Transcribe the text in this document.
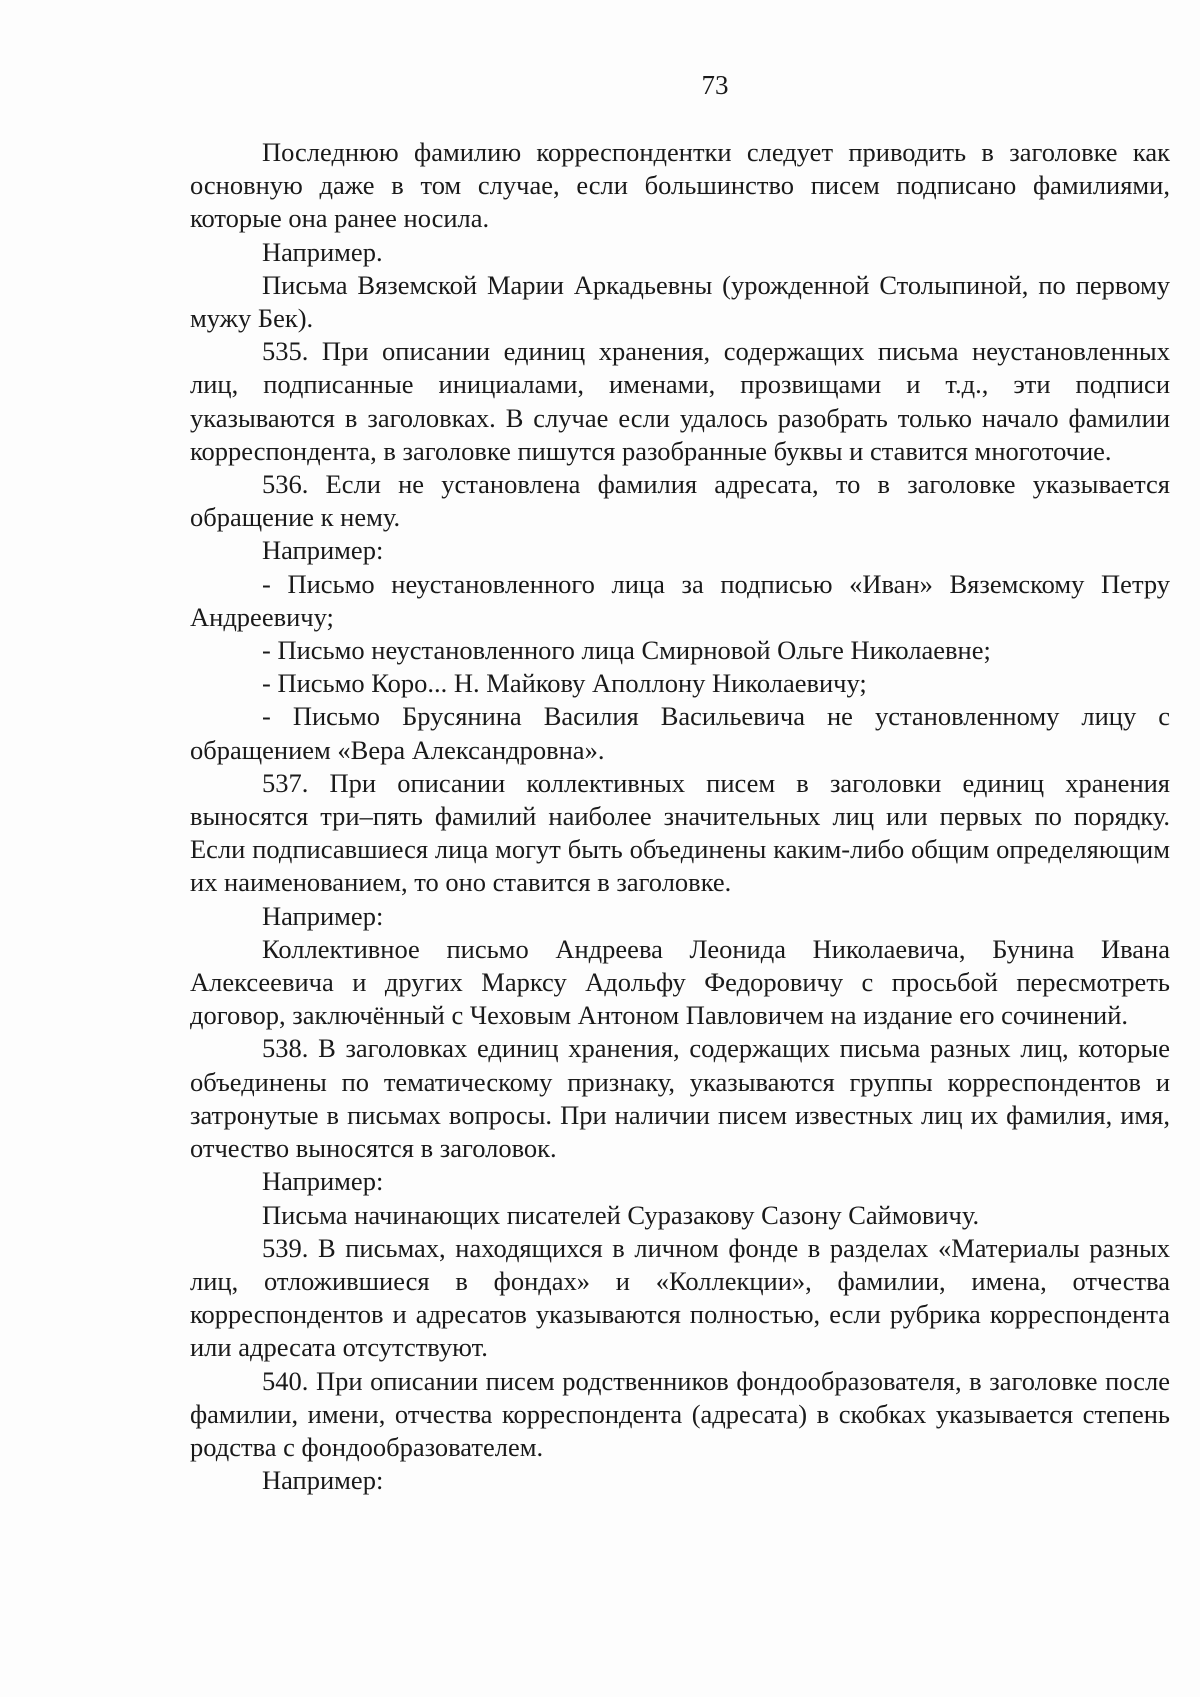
73

Последнюю фамилию корреспондентки следует приводить в заголовке как основную даже в том случае, если большинство писем подписано фамилиями, которые она ранее носила.

Например.

Письма Вяземской Марии Аркадьевны (урожденной Столыпиной, по первому мужу Бек).

535. При описании единиц хранения, содержащих письма неустановленных лиц, подписанные инициалами, именами, прозвищами и т.д., эти подписи указываются в заголовках. В случае если удалось разобрать только начало фамилии корреспондента, в заголовке пишутся разобранные буквы и ставится многоточие.

536. Если не установлена фамилия адресата, то в заголовке указывается обращение к нему.

Например:

- Письмо неустановленного лица за подписью «Иван» Вяземскому Петру Андреевичу;

- Письмо неустановленного лица Смирновой Ольге Николаевне;

- Письмо Коро... Н. Майкову Аполлону Николаевичу;

- Письмо Брусянина Василия Васильевича не установленному лицу с обращением «Вера Александровна».

537. При описании коллективных писем в заголовки единиц хранения выносятся три–пять фамилий наиболее значительных лиц или первых по порядку. Если подписавшиеся лица могут быть объединены каким-либо общим определяющим их наименованием, то оно ставится в заголовке.

Например:

Коллективное письмо Андреева Леонида Николаевича, Бунина Ивана Алексеевича и других Марксу Адольфу Федоровичу с просьбой пересмотреть договор, заключённый с Чеховым Антоном Павловичем на издание его сочинений.

538. В заголовках единиц хранения, содержащих письма разных лиц, которые объединены по тематическому признаку, указываются группы корреспондентов и затронутые в письмах вопросы. При наличии писем известных лиц их фамилия, имя, отчество выносятся в заголовок.

Например:

Письма начинающих писателей Суразакову Сазону Саймовичу.

539. В письмах, находящихся в личном фонде в разделах «Материалы разных лиц, отложившиеся в фондах» и «Коллекции», фамилии, имена, отчества корреспондентов и адресатов указываются полностью, если рубрика корреспондента или адресата отсутствуют.

540. При описании писем родственников фондообразователя, в заголовке после фамилии, имени, отчества корреспондента (адресата) в скобках указывается степень родства с фондообразователем.

Например:
